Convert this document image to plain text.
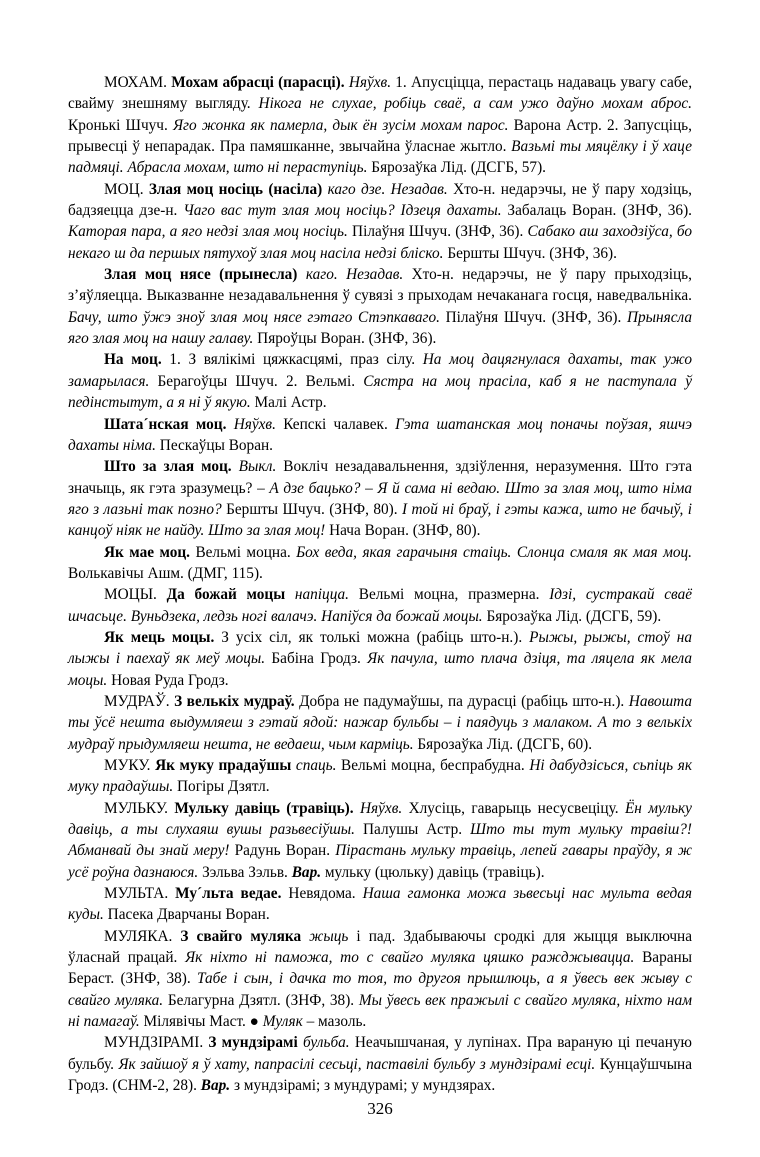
МОХАМ. Мохам абрасці (парасці). Няўхв. 1. Апусціцца, перастаць надаваць увагу сабе, свайму знешняму выгляду. Нікога не слухае, робіць сваё, а сам ужо даўно мохам аброс. Кронькі Шчуч. Яго жонка як памерла, дык ён зусім мохам парос. Варона Астр. 2. Запусціць, прывесці ў непарадак. Пра памяшканне, звычайна ўласнае жытло. Вазьмі ты мяцёлку і ў хаце падмяці. Абрасла мохам, што ні пераступіць. Бярозаўка Лід. (ДСГБ, 57).

МОЦ. Злая моц носіць (насіла) каго дзе. Незадав. Хто-н. недарэчы, не ў пару ходзіць, бадзяецца дзе-н. Чаго вас тут злая моц носіць? Ідзеця дахаты. Забалаць Воран. (ЗНФ, 36). Каторая пара, а яго недзі злая моц носіць. Пілаўня Шчуч. (ЗНФ, 36). Сабако аш заходзіўса, бо некаго ш да першых пятухоў злая моц насіла недзі бліско. Бершты Шчуч. (ЗНФ, 36).

Злая моц нясе (прынесла) каго. Незадав. Хто-н. недарэчы, не ў пару прыходзіць, з’яўляецца. Выказванне незадавальнення ў сувязі з прыходам нечаканага госця, наведвальніка. Бачу, што ўжэ зноў злая моц нясе гэтаго Стэпкаваго. Пілаўня Шчуч. (ЗНФ, 36). Прынясла яго злая моц на нашу галаву. Пяроўцы Воран. (ЗНФ, 36).

На моц. 1. З вялікімі цяжкасцямі, праз сілу. На моц дацягнулася дахаты, так ужо замарылася. Берагоўцы Шчуч. 2. Вельмі. Сястра на моц прасіла, каб я не паступала ў педінстытут, а я ні ў якую. Малі Астр.

Шата´нская моц. Няўхв. Кепскі чалавек. Гэта шатанская моц поначы поўзая, яшчэ дахаты німа. Пескаўцы Воран.

Што за злая моц. Выкл. Вокліч незадавальнення, здзіўлення, неразумення. Што гэта значыць, як гэта зразумець? – А дзе бацько? – Я й сама ні ведаю. Што за злая моц, што німа яго з лазьні так позно? Бершты Шчуч. (ЗНФ, 80). І той ні браў, і гэты кажа, што не бачыў, і канцоў ніяк не найду. Што за злая моц! Нача Воран. (ЗНФ, 80).

Як мае моц. Вельмі моцна. Бох веда, якая гарачыня стаіць. Слонца смаля як мая моц. Волькавічы Ашм. (ДМГ, 115).

МОЦЫ. Да божай моцы напіцца. Вельмі моцна, празмерна. Ідзі, сустракай сваё шчасьце. Вуньдзека, ледзь ногі валачэ. Напіўся да божай моцы. Бярозаўка Лід. (ДСГБ, 59).

Як мець моцы. З усіх сіл, як толькі можна (рабіць што-н.). Рыжы, рыжы, стоў на лыжы і паехаў як меў моцы. Бабіна Гродз. Як пачула, што плача дзіця, та ляцела як мела моцы. Новая Руда Гродз.

МУДРАЎ. З велькіх мудраў. Добра не падумаўшы, па дурасці (рабіць што-н.). Навошта ты ўсё нешта выдумляеш з гэтай ядой: нажар бульбы – і паядуць з малаком. А то з велькіх мудраў прыдумляеш нешта, не ведаеш, чым карміць. Бярозаўка Лід. (ДСГБ, 60).

МУКУ. Як муку прадаўшы спаць. Вельмі моцна, беспрабудна. Ні дабудзісься, сьпіць як муку прадаўшы. Погіры Дзятл.

МУЛЬКУ. Мульку давіць (травіць). Няўхв. Хлусіць, гаварыць несусвеціцу. Ён мульку давіць, а ты слухаяш вушы разьвесіўшы. Палушы Астр. Што ты тут мульку травіш?! Абманвай ды знай меру! Радунь Воран. Пірастань мульку травіць, лепей гавары праўду, я ж усё роўна дазнаюся. Зэльва Зэльв. Вар. мульку (цюльку) давіць (травіць).

МУЛЬТА. Му´льта ведае. Невядома. Наша гамонка можа зьвесьці нас мульта ведая куды. Пасека Дварчаны Воран.

МУЛЯКА. З свайго муляка жыць і пад. Здабываючы сродкі для жыцця выключна ўласнай працай. Як ніхто ні паможа, то с свайго муляка цяшко ражджывацца. Вараны Бераст. (ЗНФ, 38). Табе і сын, і дачка то тоя, то другоя прышлюць, а я ўвесь век жыву с свайго муляка. Белагурна Дзятл. (ЗНФ, 38). Мы ўвесь век пражылі с свайго муляка, ніхто нам ні памагаў. Мілявічы Маст. ● Муляк – мазоль.

МУНДЗІРАМІ. З мундзірамі бульба. Неачышчаная, у лупінах. Пра вараную ці печаную бульбу. Як зайшоў я ў хату, папрасілі сесьці, паставілі бульбу з мундзірамі есці. Кунцаўшчына Гродз. (СНМ-2, 28). Вар. з мундзірамі; з мундурамі; у мундзярах.

326
